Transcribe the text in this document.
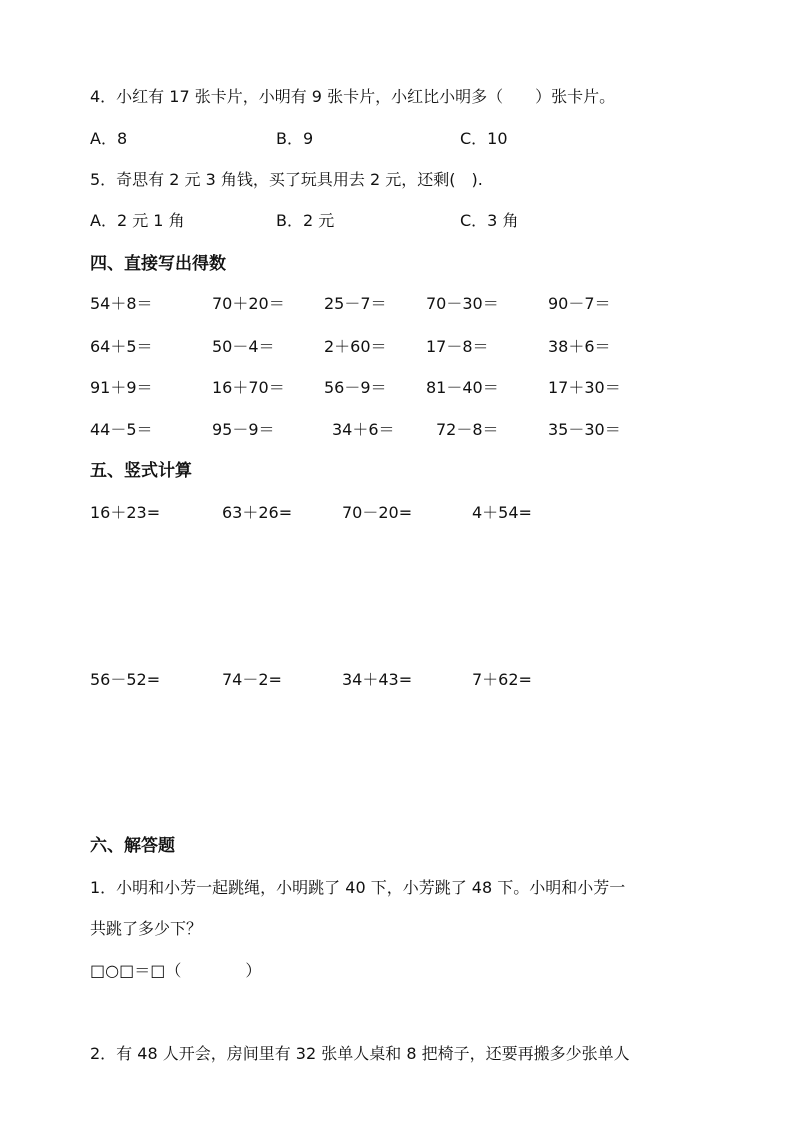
4．小红有 17 张卡片，小明有 9 张卡片，小红比小明多（　　）张卡片。
A．8	B．9	C．10
5．奇思有 2 元 3 角钱，买了玩具用去 2 元，还剩(　).
A．2 元 1 角	B．2 元	C．3 角
四、直接写出得数
54＋8＝	70＋20＝ 25－7＝ 70－30＝	90－7＝
64＋5＝	50－4＝	2＋60＝ 17－8＝	38＋6＝
91＋9＝	16＋70＝ 56－9＝ 81－40＝	17＋30＝
44－5＝	95－9＝	34＋6＝	72－8＝	35－30＝
五、竖式计算
16＋23=	63＋26=	70－20=	4＋54=
56－52=	74－2=	34＋43=	7＋62=
六、解答题
1．小明和小芳一起跳绳，小明跳了 40 下，小芳跳了 48 下。小明和小芳一
共跳了多少下？
□○□＝□（　　　　）
2．有 48 人开会，房间里有 32 张单人桌和 8 把椅子，还要再搬多少张单人
